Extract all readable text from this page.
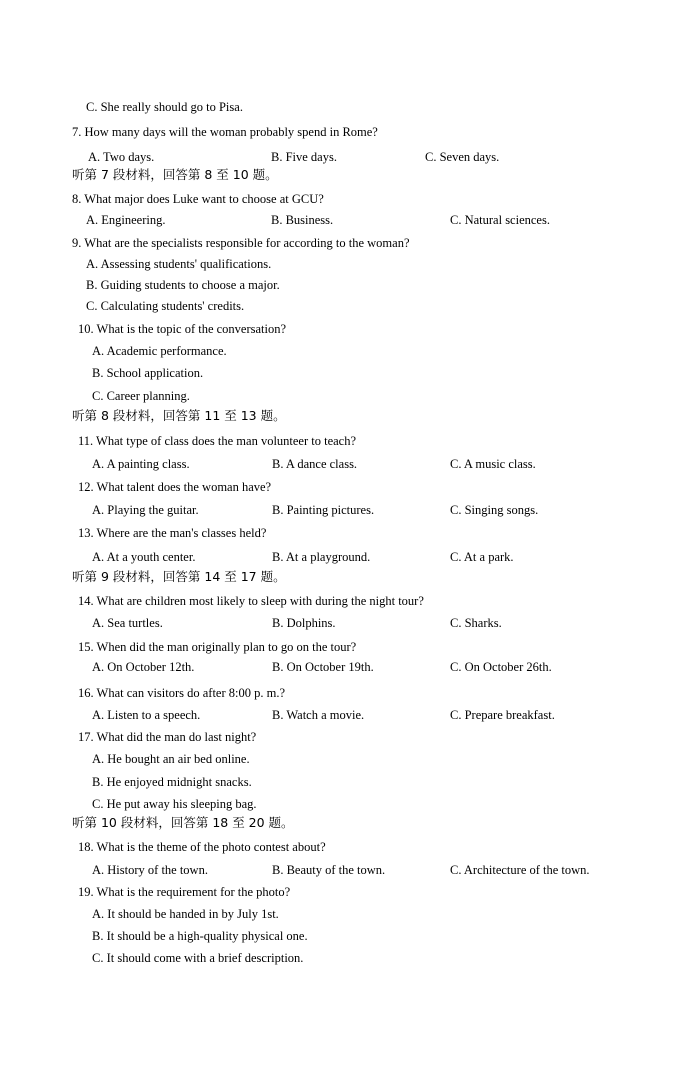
C. She really should go to Pisa.
7. How many days will the woman probably spend in Rome?
A. Two days.	B. Five days.	C. Seven days.
听第 7 段材料，回答第 8 至 10 题。
8. What major does Luke want to choose at GCU?
A. Engineering.	B. Business.	C. Natural sciences.
9. What are the specialists responsible for according to the woman?
A. Assessing students' qualifications.
B. Guiding students to choose a major.
C. Calculating students' credits.
10. What is the topic of the conversation?
A. Academic performance.
B. School application.
C. Career planning.
听第 8 段材料，回答第 11 至 13 题。
11. What type of class does the man volunteer to teach?
A. A painting class.	B. A dance class.	C. A music class.
12. What talent does the woman have?
A. Playing the guitar.	B. Painting pictures.	C. Singing songs.
13. Where are the man's classes held?
A. At a youth center.	B. At a playground.	C. At a park.
听第 9 段材料，回答第 14 至 17 题。
14. What are children most likely to sleep with during the night tour?
A. Sea turtles.	B. Dolphins.	C. Sharks.
15. When did the man originally plan to go on the tour?
A. On October 12th.	B. On October 19th.	C. On October 26th.
16. What can visitors do after 8:00 p. m.?
A. Listen to a speech.	B. Watch a movie.	C. Prepare breakfast.
17. What did the man do last night?
A. He bought an air bed online.
B. He enjoyed midnight snacks.
C. He put away his sleeping bag.
听第 10 段材料，回答第 18 至 20 题。
18. What is the theme of the photo contest about?
A. History of the town.	B. Beauty of the town.	C. Architecture of the town.
19. What is the requirement for the photo?
A. It should be handed in by July 1st.
B. It should be a high-quality physical one.
C. It should come with a brief description.
